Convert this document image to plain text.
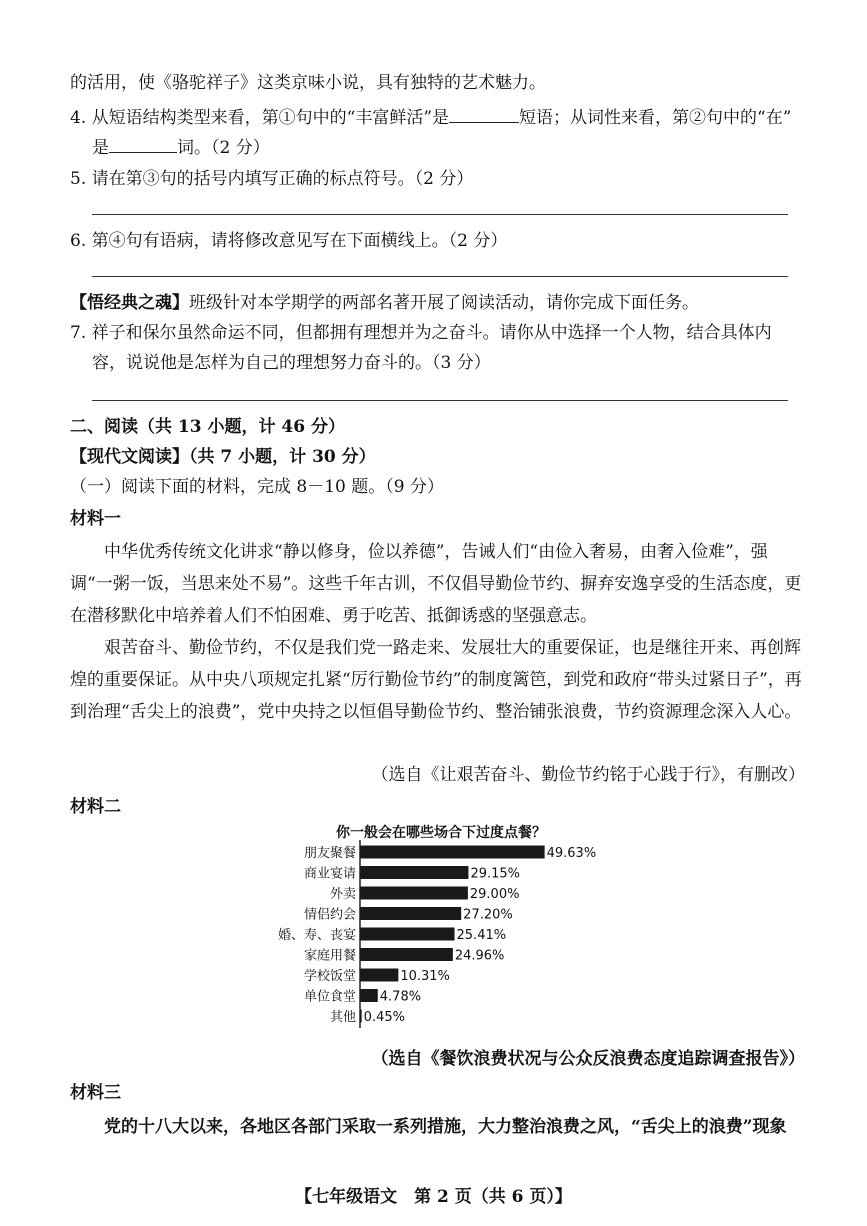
的活用，使《骆驼祥子》这类京味小说，具有独特的艺术魅力。
4. 从短语结构类型来看，第①句中的“丰富鲜活”是	短语；从词性来看，第②句中的“在”
是	词。（2 分）
5. 请在第③句的括号内填写正确的标点符号。（2 分）
6. 第④句有语病，请将修改意见写在下面横线上。（2 分）
【悟经典之魂】班级针对本学期学的两部名著开展了阅读活动，请你完成下面任务。
7. 祥子和保尔虽然命运不同，但都拥有理想并为之奋斗。请你从中选择一个人物，结合具体内
容，说说他是怎样为自己的理想努力奋斗的。（3 分）
二、阅读（共 13 小题，计 46 分）
【现代文阅读】（共 7 小题，计 30 分）
（一）阅读下面的材料，完成 8－10 题。（9 分）
材料一
中华优秀传统文化讲求“静以修身，俭以养德”，告诫人们“由俭入奢易，由奢入俭难”，强调“一粥一饭，当思来处不易”。这些千年古训，不仅倡导勤俭节约、摒弃安逸享受的生活态度，更在潜移默化中培养着人们不怕困难、勇于吃苦、抵御诱惑的坚强意志。
艰苦奋斗、勤俭节约，不仅是我们党一路走来、发展壮大的重要保证，也是继往开来、再创辉煌的重要保证。从中央八项规定扎紧“厉行勤俭节约”的制度篱笆，到党和政府“带头过紧日子”，再到治理“舌尖上的浪费”，党中央持之以恒倡导勤俭节约、整治铺张浪费，节约资源理念深入人心。
（选自《让艰苦奋斗、勤俭节约铭于心践于行》，有删改）
材料二
你一般会在哪些场合下过度点餐？
朋友聚餐	49.63%
商业宴请	29.15%
外卖	29.00%
情侣约会	27.20%
婚、寿、丧宴	25.41%
家庭用餐	24.96%
学校饭堂	10.31%
单位食堂 4.78%
其他 0.45%
（选自《餐饮浪费状况与公众反浪费态度追踪调查报告》）
材料三
党的十八大以来，各地区各部门采取一系列措施，大力整治浪费之风，“舌尖上的浪费”现象
【七年级语文　第 2 页（共 6 页）】
